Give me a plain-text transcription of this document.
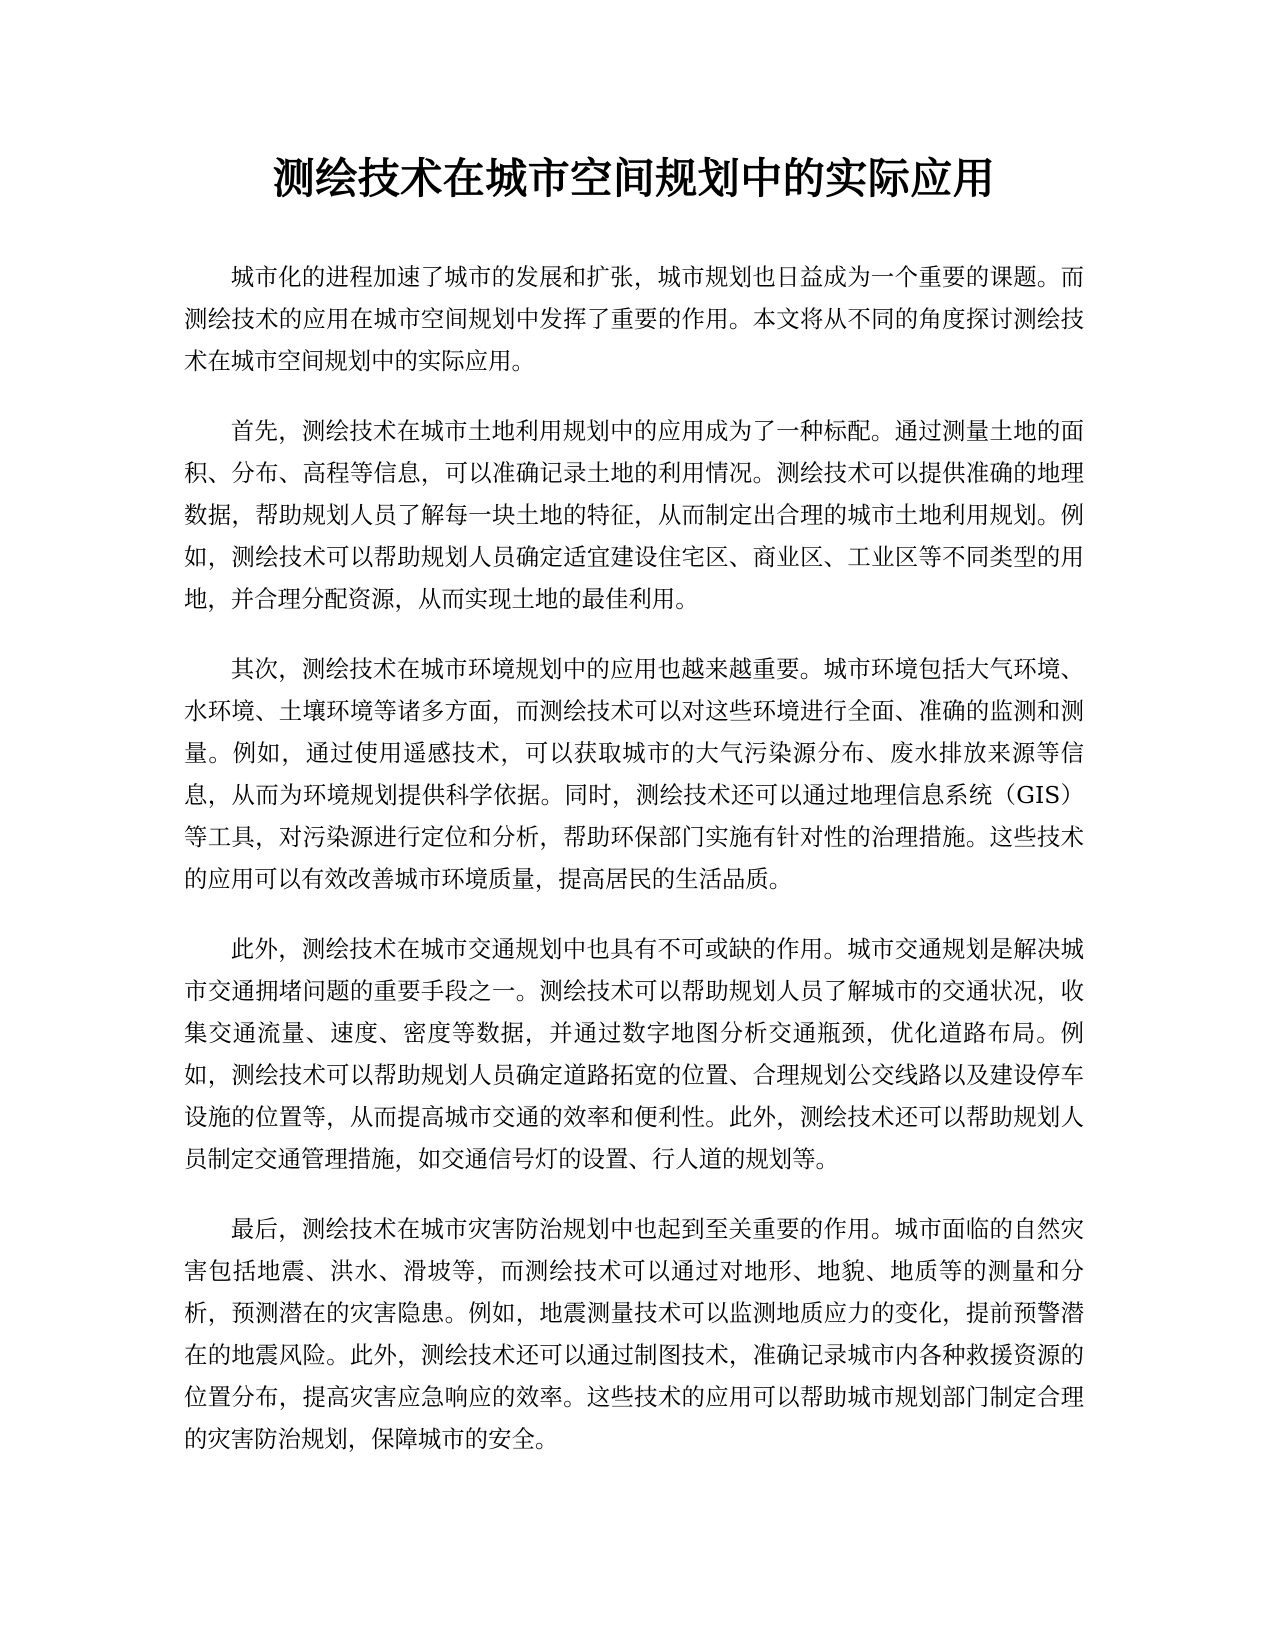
测绘技术在城市空间规划中的实际应用

城市化的进程加速了城市的发展和扩张，城市规划也日益成为一个重要的课题。而测绘技术的应用在城市空间规划中发挥了重要的作用。本文将从不同的角度探讨测绘技术在城市空间规划中的实际应用。

首先，测绘技术在城市土地利用规划中的应用成为了一种标配。通过测量土地的面积、分布、高程等信息，可以准确记录土地的利用情况。测绘技术可以提供准确的地理数据，帮助规划人员了解每一块土地的特征，从而制定出合理的城市土地利用规划。例如，测绘技术可以帮助规划人员确定适宜建设住宅区、商业区、工业区等不同类型的用地，并合理分配资源，从而实现土地的最佳利用。

其次，测绘技术在城市环境规划中的应用也越来越重要。城市环境包括大气环境、水环境、土壤环境等诸多方面，而测绘技术可以对这些环境进行全面、准确的监测和测量。例如，通过使用遥感技术，可以获取城市的大气污染源分布、废水排放来源等信息，从而为环境规划提供科学依据。同时，测绘技术还可以通过地理信息系统（GIS）等工具，对污染源进行定位和分析，帮助环保部门实施有针对性的治理措施。这些技术的应用可以有效改善城市环境质量，提高居民的生活品质。

此外，测绘技术在城市交通规划中也具有不可或缺的作用。城市交通规划是解决城市交通拥堵问题的重要手段之一。测绘技术可以帮助规划人员了解城市的交通状况，收集交通流量、速度、密度等数据，并通过数字地图分析交通瓶颈，优化道路布局。例如，测绘技术可以帮助规划人员确定道路拓宽的位置、合理规划公交线路以及建设停车设施的位置等，从而提高城市交通的效率和便利性。此外，测绘技术还可以帮助规划人员制定交通管理措施，如交通信号灯的设置、行人道的规划等。

最后，测绘技术在城市灾害防治规划中也起到至关重要的作用。城市面临的自然灾害包括地震、洪水、滑坡等，而测绘技术可以通过对地形、地貌、地质等的测量和分析，预测潜在的灾害隐患。例如，地震测量技术可以监测地质应力的变化，提前预警潜在的地震风险。此外，测绘技术还可以通过制图技术，准确记录城市内各种救援资源的位置分布，提高灾害应急响应的效率。这些技术的应用可以帮助城市规划部门制定合理的灾害防治规划，保障城市的安全。
